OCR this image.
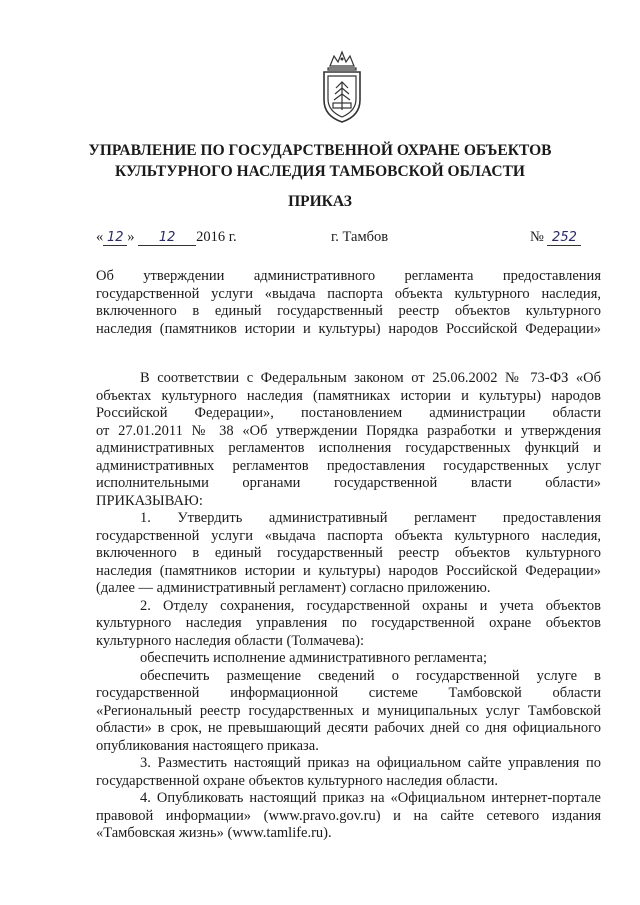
УПРАВЛЕНИЕ ПО ГОСУДАРСТВЕННОЙ ОХРАНЕ ОБЪЕКТОВ
КУЛЬТУРНОГО НАСЛЕДИЯ ТАМБОВСКОЙ ОБЛАСТИ
ПРИКАЗ
« 12 » 12 2016 г.	г. Тамбов	№ 252
Об утверждении административного регламента предоставления
государственной услуги «выдача паспорта объекта культурного наследия,
включенного в единый государственный реестр объектов культурного
наследия (памятников истории и культуры) народов Российской Федерации»
В соответствии с Федеральным законом от 25.06.2002 № 73-ФЗ «Об
объектах культурного наследия (памятниках истории и культуры) народов
Российской Федерации», постановлением администрации области
от 27.01.2011 № 38 «Об утверждении Порядка разработки и утверждения
административных регламентов исполнения государственных функций и
административных регламентов предоставления государственных услуг
исполнительными органами государственной власти области»
ПРИКАЗЫВАЮ:
1. Утвердить административный регламент предоставления
государственной услуги «выдача паспорта объекта культурного наследия,
включенного в единый государственный реестр объектов культурного
наследия (памятников истории и культуры) народов Российской Федерации»
(далее — административный регламент) согласно приложению.
2. Отделу сохранения, государственной охраны и учета объектов
культурного наследия управления по государственной охране объектов
культурного наследия области (Толмачева):
обеспечить исполнение административного регламента;
обеспечить размещение сведений о государственной услуге в
государственной информационной системе Тамбовской области
«Региональный реестр государственных и муниципальных услуг Тамбовской
области» в срок, не превышающий десяти рабочих дней со дня официального
опубликования настоящего приказа.
3. Разместить настоящий приказ на официальном сайте управления по
государственной охране объектов культурного наследия области.
4. Опубликовать настоящий приказ на «Официальном интернет-портале
правовой информации» (www.pravo.gov.ru) и на сайте сетевого издания
«Тамбовская жизнь» (www.tamlife.ru).
